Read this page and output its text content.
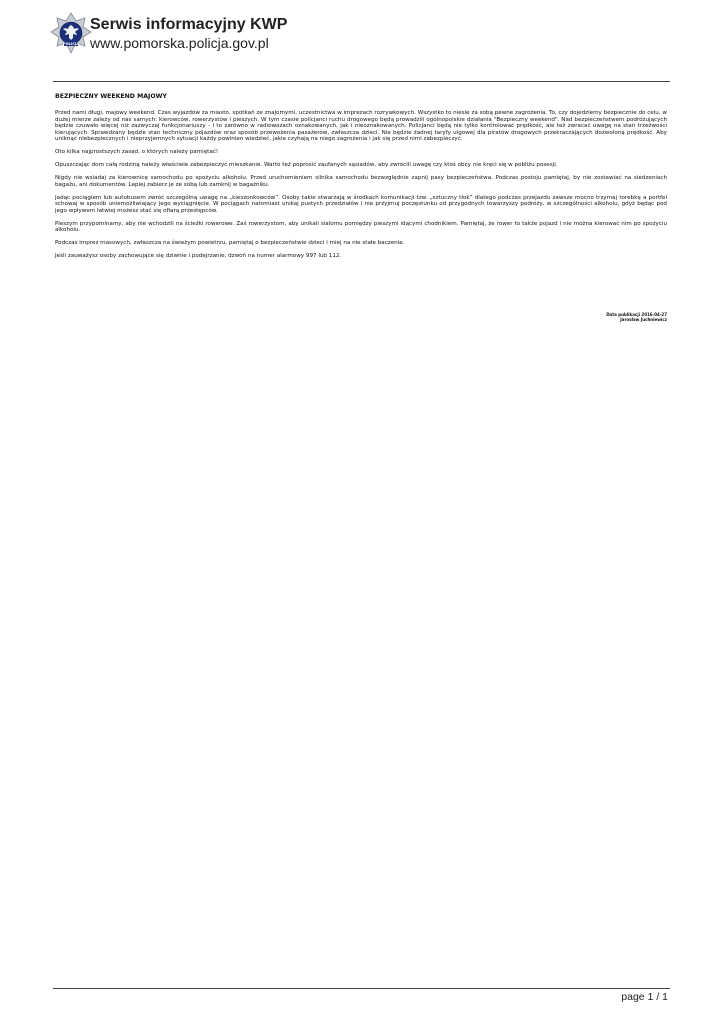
POLICJA
Serwis informacyjny KWP
www.pomorska.policja.gov.pl
BEZPIECZNY WEEKEND MAJOWY

Przed nami długi, majowy weekend. Czas wyjazdów za miasto, spotkań ze znajomymi, uczestnictwa w imprezach rozrywkowych. Wszystko to niesie za sobą pewne zagrożenia. To, czy dojedziemy bezpiecznie do celu, w dużej mierze zależy od nas samych: kierowców, rowerzystów i pieszych. W tym czasie policjanci ruchu drogowego będą prowadzili ogólnopolskie działania "Bezpieczny weekend". Nad bezpieczeństwem podróżujących będzie czuwało więcej niż zazwyczaj funkcjonariuszy - i to zarówno w radiowozach oznakowanych, jak i nieoznakowanych. Policjanci będą nie tylko kontrolować prędkość, ale też zwracać uwagę na stan trzeźwości kierujących. Sprawdzany będzie stan techniczny pojazdów oraz sposób przewożenia pasażerów, zwłaszcza dzieci. Nie będzie żadnej taryfy ulgowej dla piratów drogowych przekraczających dozwoloną prędkość. Aby uniknąć niebezpiecznych i nieprzyjemnych sytuacji każdy powinien wiedzieć, jakie czyhają na niego zagrożenia i jak się przed nimi zabezpieczyć.

Oto kilka najprostszych zasad, o których należy pamiętać!

Opuszczając dom całą rodziną należy właściwie zabezpieczyć mieszkanie. Warto też poprosić zaufanych sąsiadów, aby zwrócili uwagę czy ktoś obcy nie kręci się w pobliżu posesji.

Nigdy nie wsiadaj za kierownicę samochodu po spożyciu alkoholu. Przed uruchomieniem silnika samochodu bezwzględnie zapnij pasy bezpieczeństwa. Podczas postoju pamiętaj, by nie zostawiać na siedzeniach bagażu, ani dokumentów. Lepiej zabierz je ze sobą lub zamknij w bagażniku.

Jadąc pociągiem lub autobusem zwróć szczególną uwagę na „kieszonkowców”. Osoby takie stwarzają w środkach komunikacji tzw. „sztuczny tłok” dlatego podczas przejazdu zawsze mocno trzymaj torebkę a portfel schowaj w sposób uniemożliwiający jego wyciągnięcie. W pociągach natomiast unikaj pustych przedziałów i nie przyjmuj poczęstunku od przygodnych towarzyszy podróży, w szczególności alkoholu, gdyż będąc pod jego wpływem łatwiej możesz stać się ofiarą przestępców.

Pieszym przypominamy, aby nie wchodzili na ścieżki rowerowe. Zaś rowerzystom, aby unikali slalomu pomiędzy pieszymi idącymi chodnikiem. Pamiętaj, że rower to także pojazd i nie można kierować nim po spożyciu alkoholu.

Podczas imprez masowych, zwłaszcza na świeżym powietrzu, pamiętaj o bezpieczeństwie dzieci i miej na nie stałe baczenie.

Jeśli zauważysz osoby zachowujące się dziwnie i podejrzanie, dzwoń na numer alarmowy 997 lub 112.

Data publikacji 2016-04-27
Jarosław Juchniewicz
page 1 / 1
